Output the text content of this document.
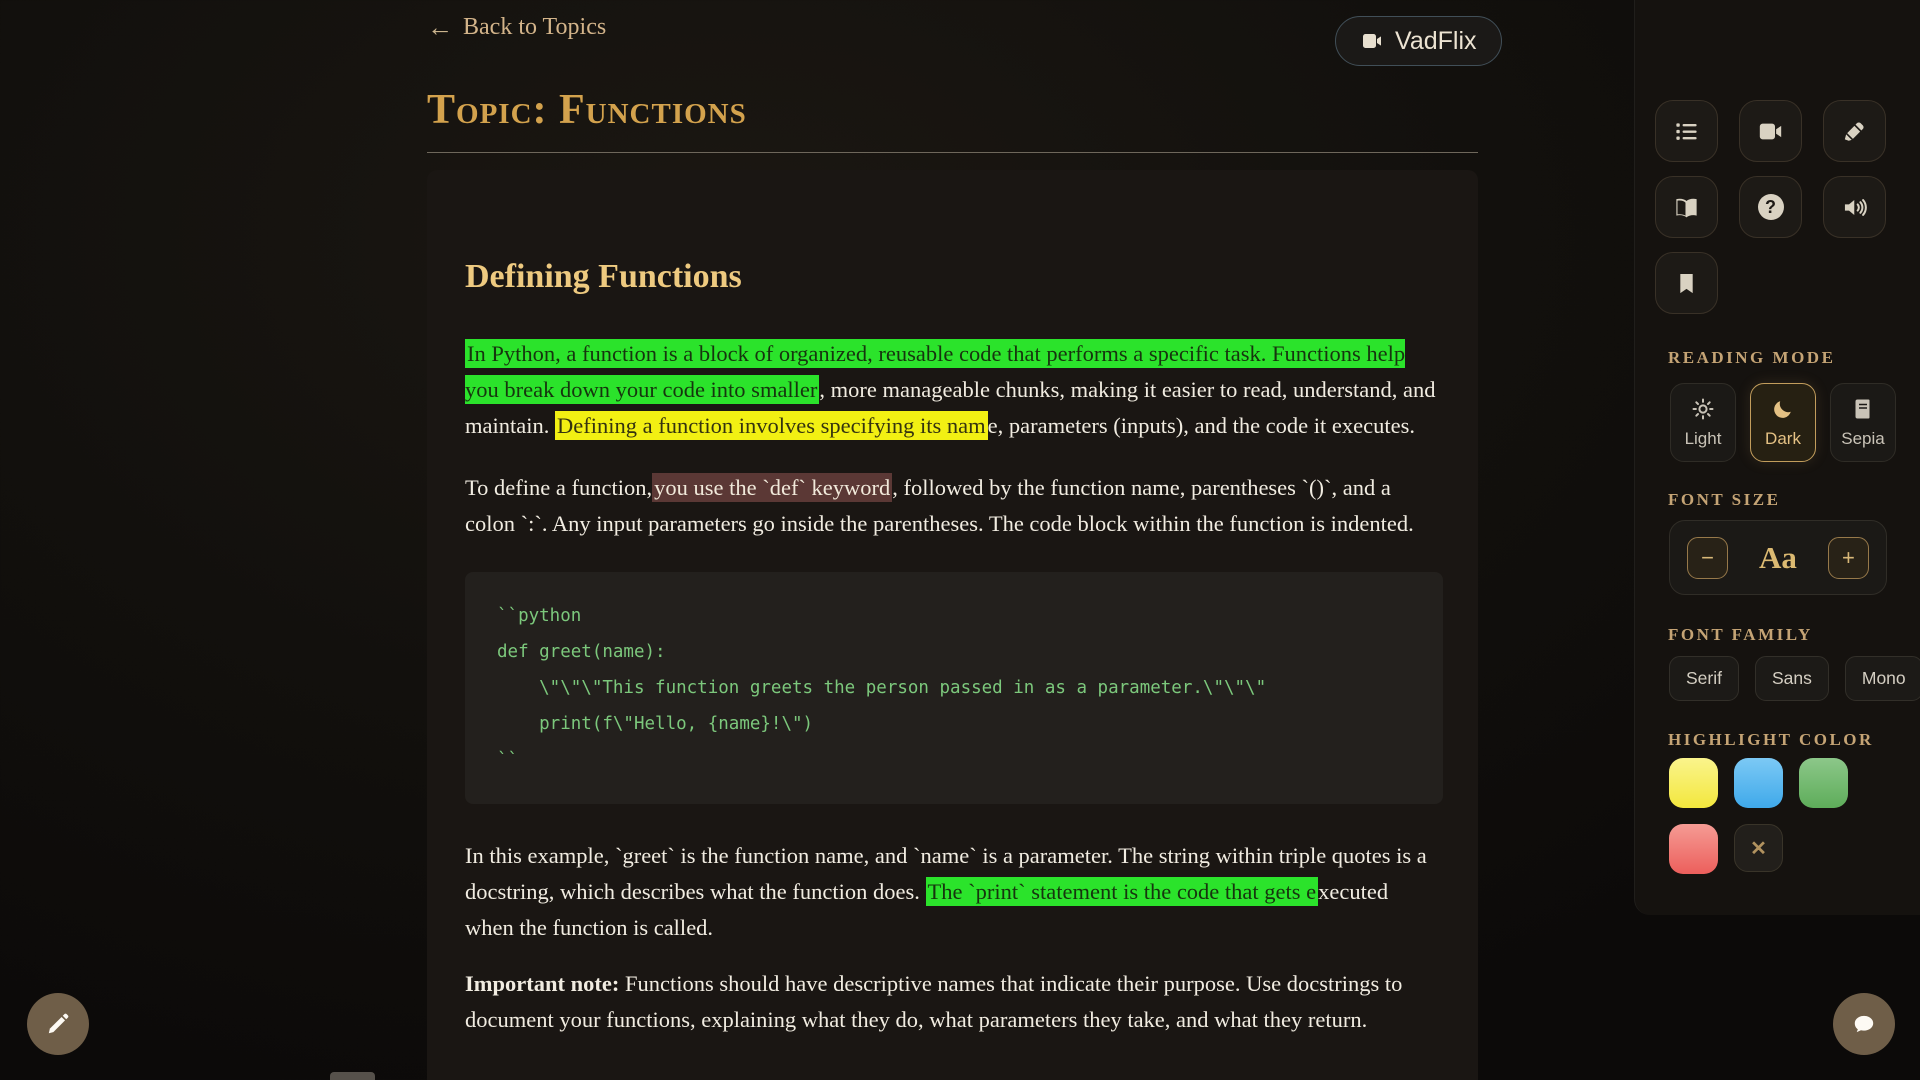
← Back to Topics	VadFlix
Topic: Functions
Defining Functions

In Python, a function is a block of organized, reusable code that performs a specific task. Functions help you break down your code into smaller, more manageable chunks, making it easier to read, understand, and maintain. Defining a function involves specifying its name, parameters (inputs), and the code it executes.

To define a function,you use the `def` keyword, followed by the function name, parentheses `()`, and a colon `:`. Any input parameters go inside the parentheses. The code block within the function is indented.

``python
def greet(name):
\"\"\"This function greets the person passed in as a parameter.\"\"\"
print(f\"Hello, {name}!\")
``

In this example, `greet` is the function name, and `name` is a parameter. The string within triple quotes is a docstring, which describes what the function does. The `print` statement is the code that gets executed when the function is called.

Important note: Functions should have descriptive names that indicate their purpose. Use docstrings to document your functions, explaining what they do, what parameters they take, and what they return.

?
READING MODE
Light	Dark Sepia
FONT SIZE
− Aa +
FONT FAMILY
Serif	Sans	Mono
HIGHLIGHT COLOR
✕
